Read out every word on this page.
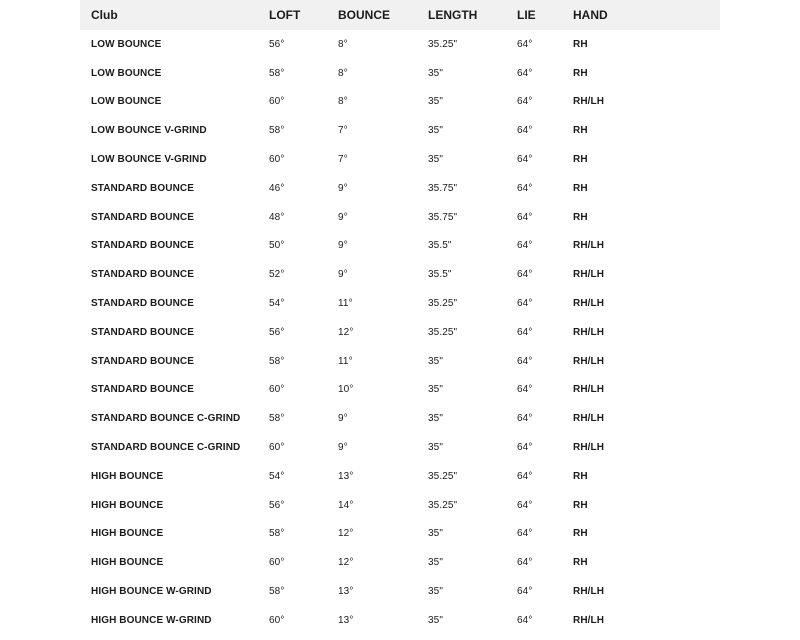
Club	LOFT	BOUNCE	LENGTH	LIE	HAND
LOW BOUNCE	56°	8°	35.25"	64°	RH
LOW BOUNCE	58°	8°	35"	64°	RH
LOW BOUNCE	60°	8°	35"	64°	RH/LH
LOW BOUNCE V-GRIND	58°	7°	35"	64°	RH
LOW BOUNCE V-GRIND	60°	7°	35"	64°	RH
STANDARD BOUNCE	46°	9°	35.75"	64°	RH
STANDARD BOUNCE	48°	9°	35.75"	64°	RH
STANDARD BOUNCE	50°	9°	35.5"	64°	RH/LH
STANDARD BOUNCE	52°	9°	35.5"	64°	RH/LH
STANDARD BOUNCE	54°	11°	35.25"	64°	RH/LH
STANDARD BOUNCE	56°	12°	35.25"	64°	RH/LH
STANDARD BOUNCE	58°	11°	35"	64°	RH/LH
STANDARD BOUNCE	60°	10°	35"	64°	RH/LH
STANDARD BOUNCE C-GRIND	58°	9°	35"	64°	RH/LH
STANDARD BOUNCE C-GRIND	60°	9°	35"	64°	RH/LH
HIGH BOUNCE	54°	13°	35.25"	64°	RH
HIGH BOUNCE	56°	14°	35.25"	64°	RH
HIGH BOUNCE	58°	12°	35"	64°	RH
HIGH BOUNCE	60°	12°	35"	64°	RH
HIGH BOUNCE W-GRIND	58°	13°	35"	64°	RH/LH
HIGH BOUNCE W-GRIND	60°	13°	35"	64°	RH/LH
